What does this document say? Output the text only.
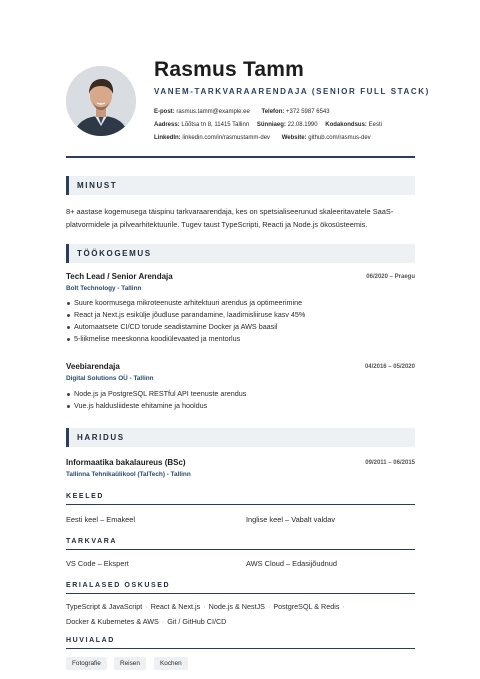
Rasmus Tamm
VANEM-TARKVARAARENDAJA (SENIOR FULL STACK)
E-post: rasmus.tamm@example.ee Telefon: +372 5987 6543
Aadress: Lõõtsa tn 8, 11415 Tallinn Sünniaeg: 22.08.1990 Kodakondsus: Eesti
LinkedIn: linkedin.com/in/rasmustamm-dev Website: github.com/rasmus-dev
MINUST
8+ aastase kogemusega täispinu tarkvaraarendaja, kes on spetsialiseerunud skaleeritavatele SaaS-platvormidele ja pilvearhitektuurile. Tugev taust TypeScripti, Reacti ja Node.js ökosüsteemis.
TÖÖKOGEMUS
Tech Lead / Senior Arendaja	06/2020 – Praegu
Bolt Technology - Tallinn
Suure koormusega mikroteenuste arhitektuuri arendus ja optimeerimine
React ja Next.js esikülje jõudluse parandamine, laadimisliiruse kasv 45%
Automaatsete CI/CD torude seadistamine Docker ja AWS baasil
5-liikmelise meeskonna koodiülevaated ja mentorlus
Veebiarendaja	04/2016 – 05/2020
Digital Solutions OÜ - Tallinn
Node.js ja PostgreSQL RESTful API teenuste arendus
Vue.js haldusliideste ehitamine ja hooldus
HARIDUS
Informaatika bakalaureus (BSc)	09/2011 – 06/2015
Tallinna Tehnikaülikool (TalTech) - Tallinn
KEELED
Eesti keel – Emakeel	Inglise keel – Vabalt valdav
TARKVARA
VS Code – Ekspert	AWS Cloud – Edasijõudnud
ERIALASED OSKUSED
TypeScript & JavaScript · React & Next.js · Node.js & NestJS · PostgreSQL & Redis ·
Docker & Kubernetes & AWS · Git / GitHub CI/CD
HUVIALAD
Fotografie	Reisen	Kochen
